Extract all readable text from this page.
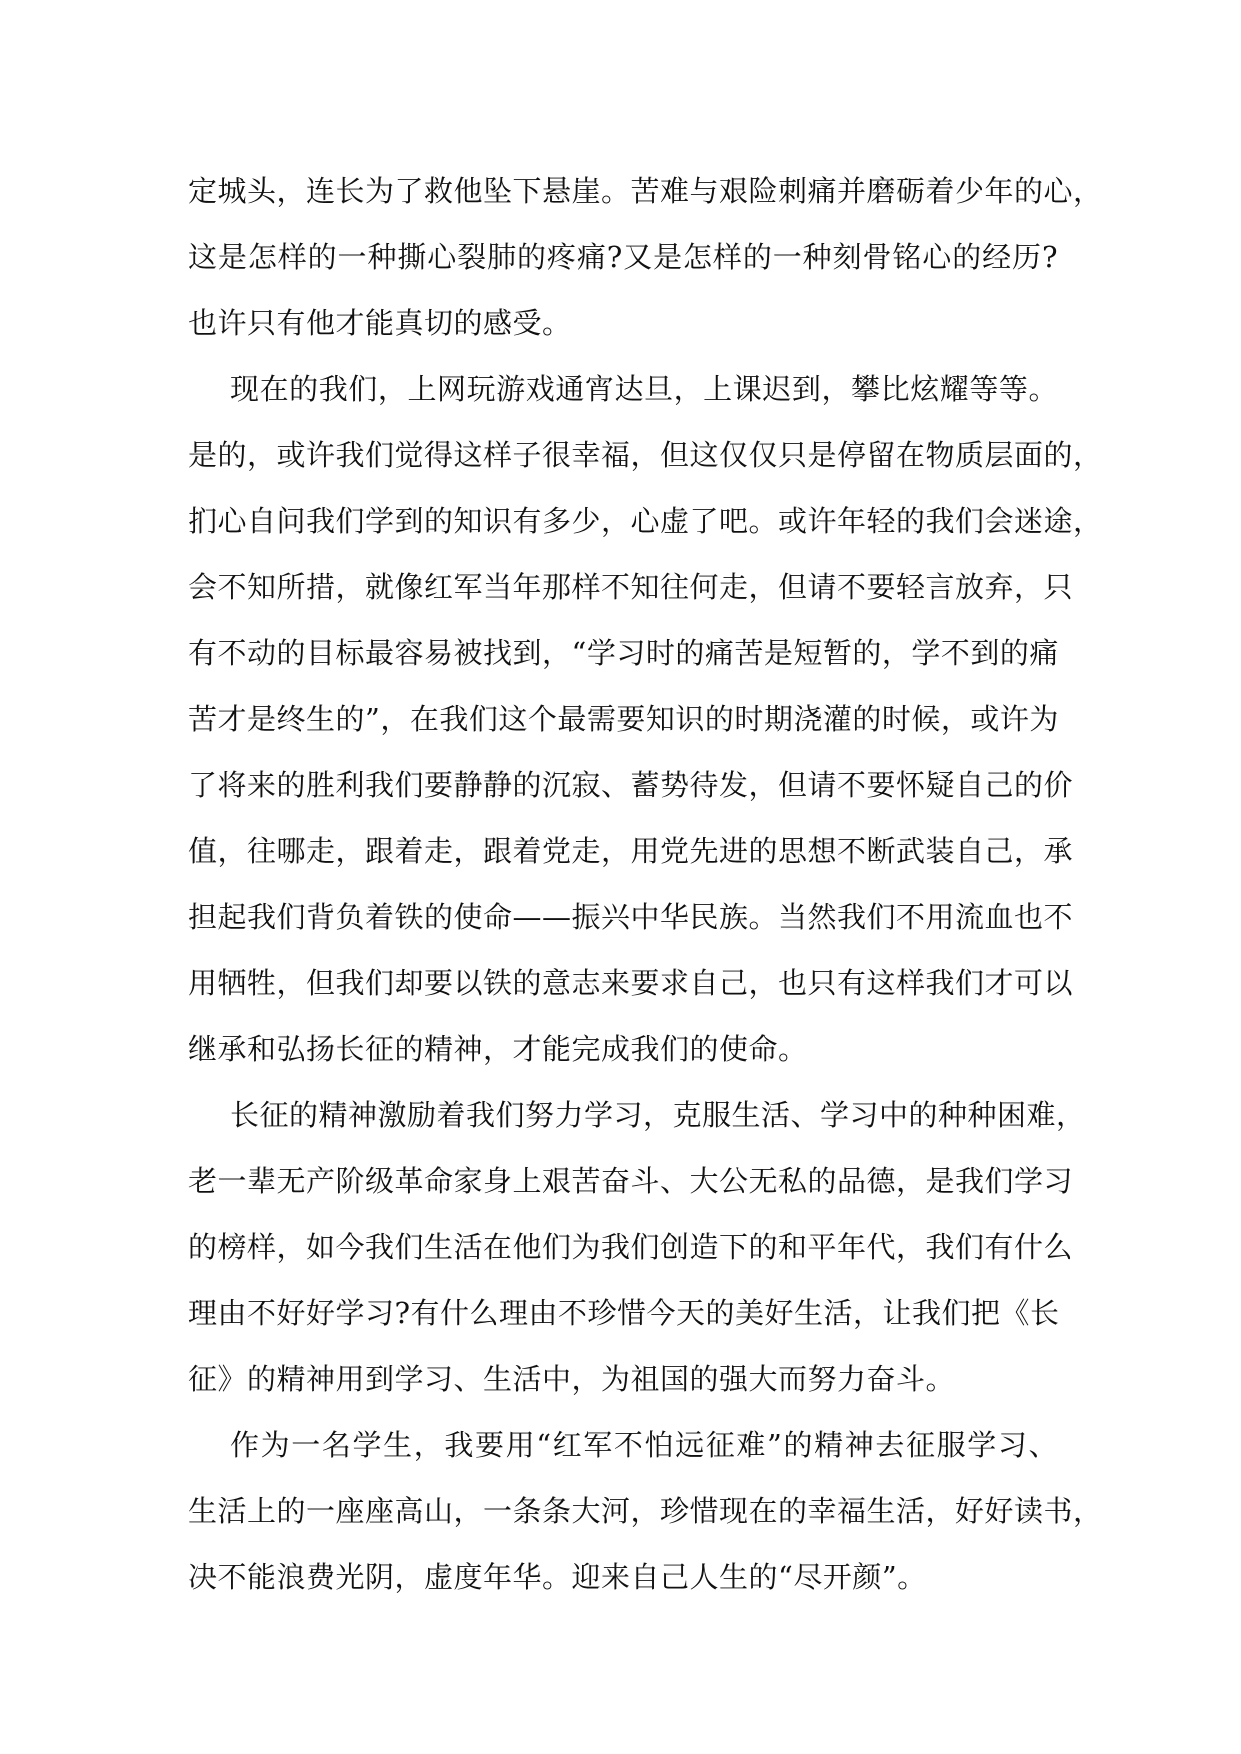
定城头，连长为了救他坠下悬崖。苦难与艰险刺痛并磨砺着少年的心，
这是怎样的一种撕心裂肺的疼痛?又是怎样的一种刻骨铭心的经历?
也许只有他才能真切的感受。
现在的我们，上网玩游戏通宵达旦，上课迟到，攀比炫耀等等。
是的，或许我们觉得这样子很幸福，但这仅仅只是停留在物质层面的，
扪心自问我们学到的知识有多少，心虚了吧。或许年轻的我们会迷途，
会不知所措，就像红军当年那样不知往何走，但请不要轻言放弃，只
有不动的目标最容易被找到，“学习时的痛苦是短暂的，学不到的痛
苦才是终生的”，在我们这个最需要知识的时期浇灌的时候，或许为
了将来的胜利我们要静静的沉寂、蓄势待发，但请不要怀疑自己的价
值，往哪走，跟着走，跟着党走，用党先进的思想不断武装自己，承
担起我们背负着铁的使命——振兴中华民族。当然我们不用流血也不
用牺牲，但我们却要以铁的意志来要求自己，也只有这样我们才可以
继承和弘扬长征的精神，才能完成我们的使命。
长征的精神激励着我们努力学习，克服生活、学习中的种种困难，
老一辈无产阶级革命家身上艰苦奋斗、大公无私的品德，是我们学习
的榜样，如今我们生活在他们为我们创造下的和平年代，我们有什么
理由不好好学习?有什么理由不珍惜今天的美好生活，让我们把《长
征》的精神用到学习、生活中，为祖国的强大而努力奋斗。
作为一名学生，我要用“红军不怕远征难”的精神去征服学习、
生活上的一座座高山，一条条大河，珍惜现在的幸福生活，好好读书，
决不能浪费光阴，虚度年华。迎来自己人生的“尽开颜”。
